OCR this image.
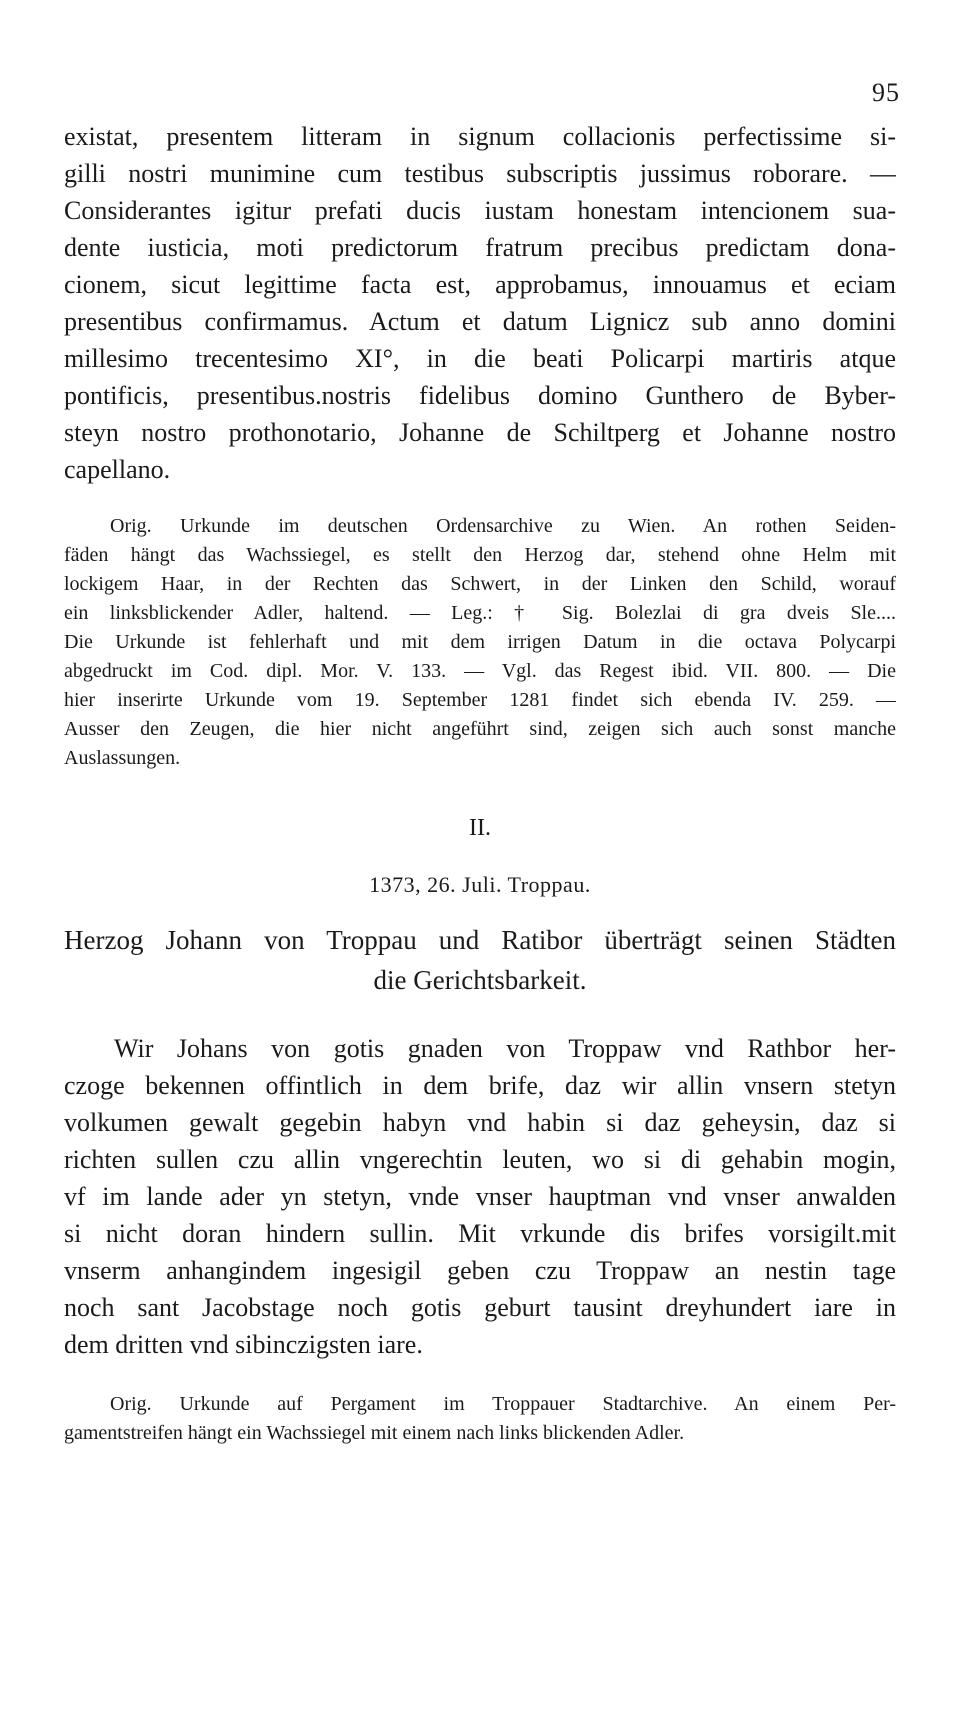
95
existat, presentem litteram in signum collacionis perfectissime si-
gilli nostri munimine cum testibus subscriptis jussimus roborare. —
Considerantes igitur prefati ducis iustam honestam intencionem sua-
dente iusticia, moti predictorum fratrum precibus predictam dona-
cionem, sicut legittime facta est, approbamus, innouamus et eciam
presentibus confirmamus. Actum et datum Lignicz sub anno domini
millesimo trecentesimo XI°, in die beati Policarpi martiris atque
pontificis, presentibus.nostris fidelibus domino Gunthero de Byber-
steyn nostro prothonotario, Johanne de Schiltperg et Johanne nostro
capellano.
Orig. Urkunde im deutschen Ordensarchive zu Wien. An rothen Seiden-
fäden hängt das Wachssiegel, es stellt den Herzog dar, stehend ohne Helm mit
lockigem Haar, in der Rechten das Schwert, in der Linken den Schild, worauf
ein linksblickender Adler, haltend. — Leg.: † Sig. Bolezlai di gra dveis Sle....
Die Urkunde ist fehlerhaft und mit dem irrigen Datum in die octava Polycarpi
abgedruckt im Cod. dipl. Mor. V. 133. — Vgl. das Regest ibid. VII. 800. — Die
hier inserirte Urkunde vom 19. September 1281 findet sich ebenda IV. 259. —
Ausser den Zeugen, die hier nicht angeführt sind, zeigen sich auch sonst manche
Auslassungen.
II.
1373, 26. Juli. Troppau.
Herzog Johann von Troppau und Ratibor überträgt seinen Städten
die Gerichtsbarkeit.
Wir Johans von gotis gnaden von Troppaw vnd Rathbor her-
czoge bekennen offintlich in dem brife, daz wir allin vnsern stetyn
volkumen gewalt gegebin habyn vnd habin si daz geheysin, daz si
richten sullen czu allin vngerechtin leuten, wo si di gehabin mogin,
vf im lande ader yn stetyn, vnde vnser hauptman vnd vnser anwalden
si nicht doran hindern sullin. Mit vrkunde dis brifes vorsigilt.mit
vnserm anhangindem ingesigil geben czu Troppaw an nestin tage
noch sant Jacobstage noch gotis geburt tausint dreyhundert iare in
dem dritten vnd sibinczigsten iare.
Orig. Urkunde auf Pergament im Troppauer Stadtarchive. An einem Per-
gamentstreifen hängt ein Wachssiegel mit einem nach links blickenden Adler.
